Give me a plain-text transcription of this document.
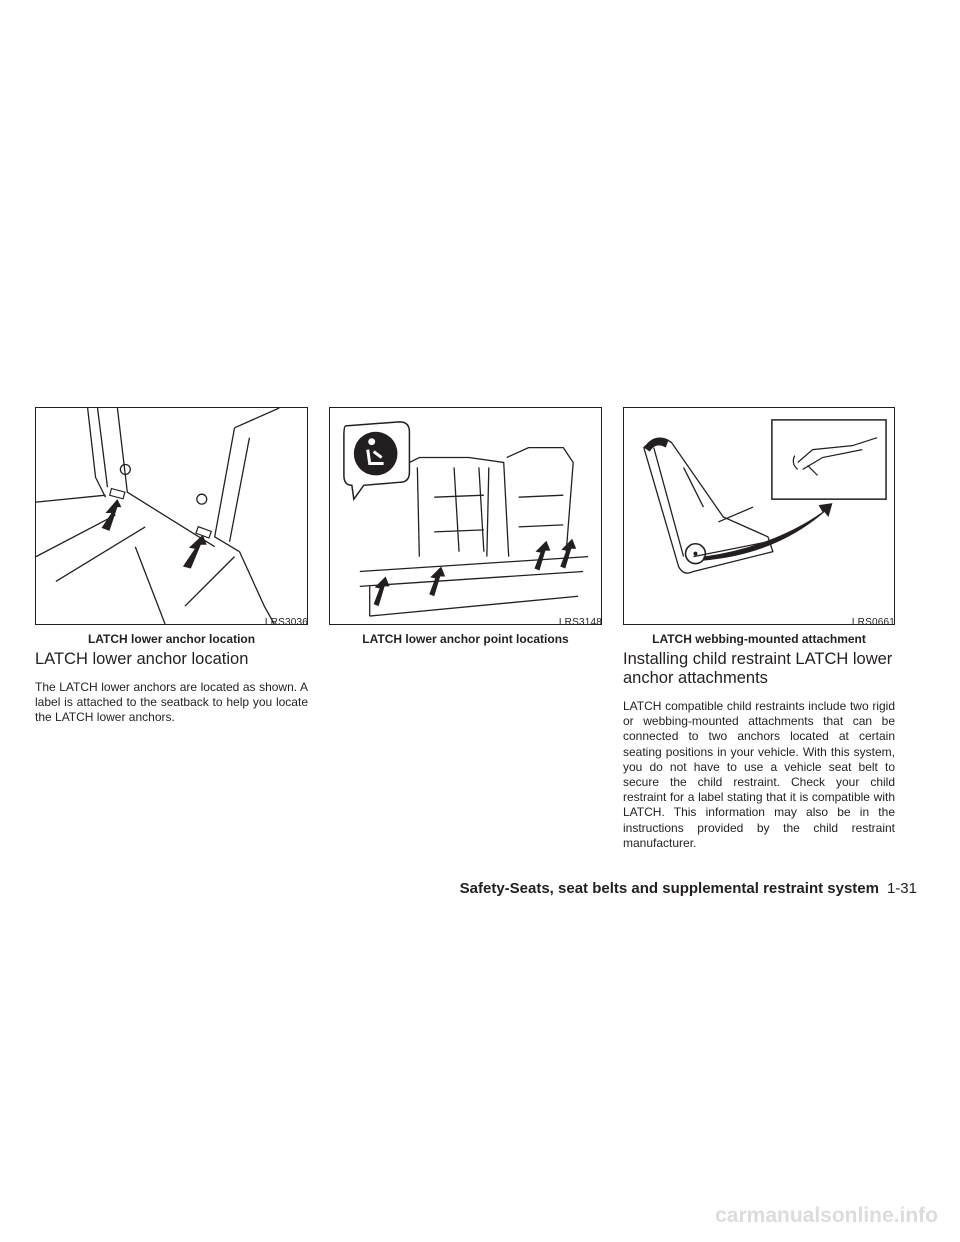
LRS3036
LATCH lower anchor location
LRS3148
LATCH lower anchor point locations
LRS0661
LATCH webbing-mounted attachment
LATCH lower anchor location

The LATCH lower anchors are located as shown. A label is attached to the seatback to help you locate the LATCH lower anchors.

Installing child restraint LATCH lower anchor attachments

LATCH compatible child restraints include two rigid or webbing-mounted attachments that can be connected to two anchors located at certain seating positions in your vehicle. With this system, you do not have to use a vehicle seat belt to secure the child restraint. Check your child restraint for a label stating that it is compatible with LATCH. This information may also be in the instructions provided by the child restraint manufacturer.

Safety-Seats, seat belts and supplemental restraint system 1-31
carmanualsonline.info
